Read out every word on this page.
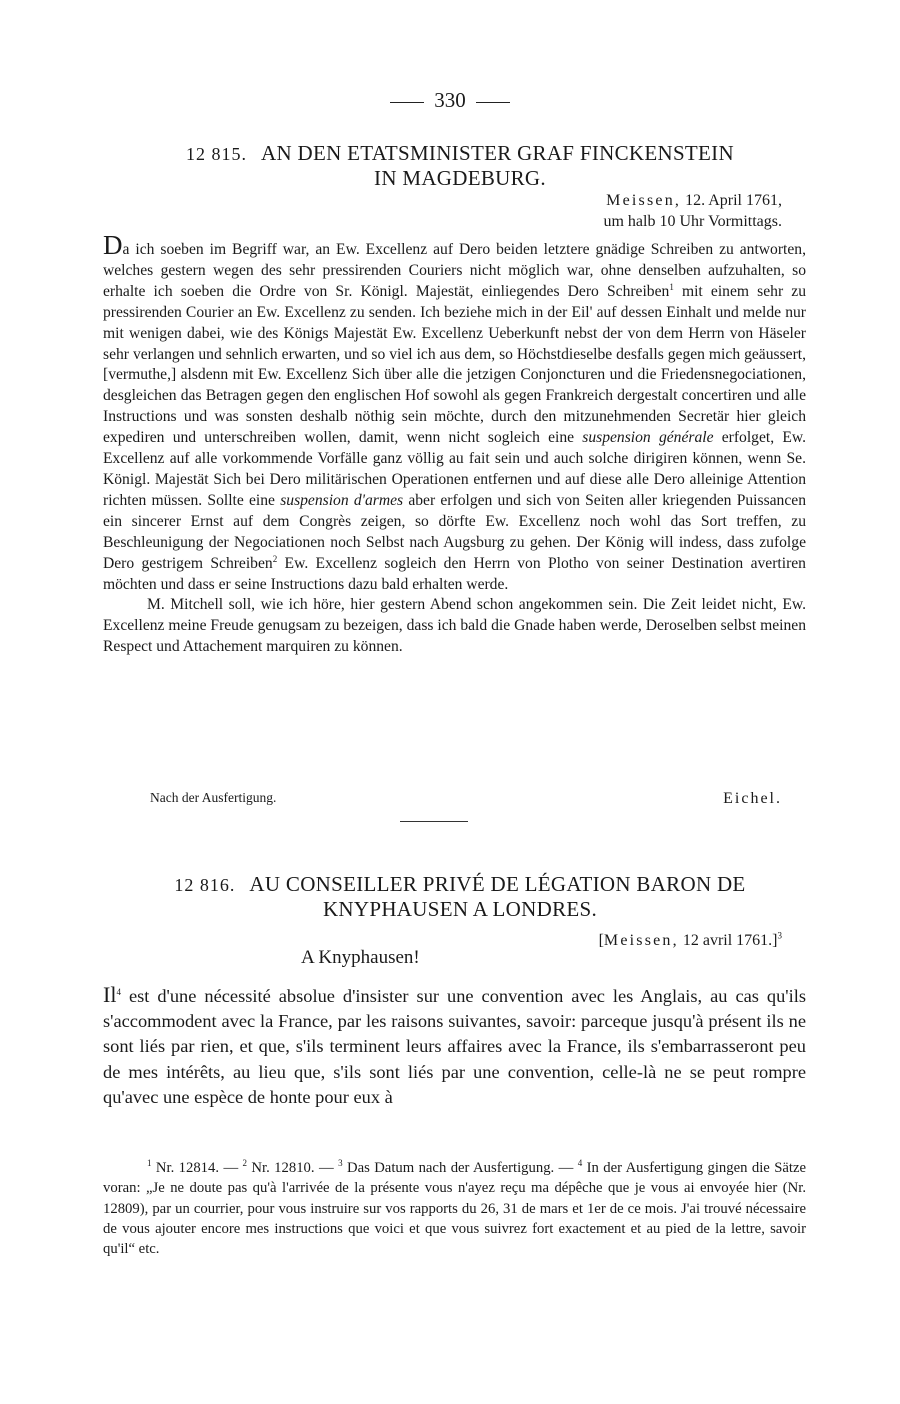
330
12 815. AN DEN ETATSMINISTER GRAF FINCKENSTEIN
IN MAGDEBURG.
Meissen, 12. April 1761,
um halb 10 Uhr Vormittags.

Da ich soeben im Begriff war, an Ew. Excellenz auf Dero beiden letztere gnädige Schreiben zu antworten, welches gestern wegen des sehr pressirenden Couriers nicht möglich war, ohne denselben aufzuhalten, so erhalte ich soeben die Ordre von Sr. Königl. Majestät, einliegendes Dero Schreiben$^1$ mit einem sehr zu pressirenden Courier an Ew. Excellenz zu senden. Ich beziehe mich in der Eil' auf dessen Einhalt und melde nur mit wenigen dabei, wie des Königs Majestät Ew. Excellenz Ueberkunft nebst der von dem Herrn von Häseler sehr verlangen und sehnlich erwarten, und so viel ich aus dem, so Höchstdieselbe desfalls gegen mich geäussert, [vermuthe,] alsdenn mit Ew. Excellenz Sich über alle die jetzigen Conjoncturen und die Friedensnegociationen, desgleichen das Betragen gegen den englischen Hof sowohl als gegen Frankreich dergestalt concertiren und alle Instructions und was sonsten deshalb nöthig sein möchte, durch den mitzunehmenden Secretär hier gleich expediren und unterschreiben wollen, damit, wenn nicht sogleich eine suspension générale erfolget, Ew. Excellenz auf alle vorkommende Vorfälle ganz völlig au fait sein und auch solche dirigiren können, wenn Se. Königl. Majestät Sich bei Dero militärischen Operationen entfernen und auf diese alle Dero alleinige Attention richten müssen. Sollte eine suspension d'armes aber erfolgen und sich von Seiten aller kriegenden Puissancen ein sincerer Ernst auf dem Congrès zeigen, so dörfte Ew. Excellenz noch wohl das Sort treffen, zu Beschleunigung der Negociationen noch Selbst nach Augsburg zu gehen. Der König will indess, dass zufolge Dero gestrigem Schreiben$^2$ Ew. Excellenz sogleich den Herrn von Plotho von seiner Destination avertiren möchten und dass er seine Instructions dazu bald erhalten werde.

M. Mitchell soll, wie ich höre, hier gestern Abend schon angekommen sein. Die Zeit leidet nicht, Ew. Excellenz meine Freude genugsam zu bezeigen, dass ich bald die Gnade haben werde, Deroselben selbst meinen Respect und Attachement marquiren zu können.

Nach der Ausfertigung.	Eichel.
12 816. AU CONSEILLER PRIVÉ DE LÉGATION BARON DE
KNYPHAUSEN A LONDRES.
[Meissen, 12 avril 1761.]$^3$
A Knyphausen!

Il$^4$ est d'une nécessité absolue d'insister sur une convention avec les Anglais, au cas qu'ils s'accommodent avec la France, par les raisons suivantes, savoir: parceque jusqu'à présent ils ne sont liés par rien, et que, s'ils terminent leurs affaires avec la France, ils s'embarrasseront peu de mes intérêts, au lieu que, s'ils sont liés par une convention, celle-là ne se peut rompre qu'avec une espèce de honte pour eux à

$^1$ Nr. 12814. — $^2$ Nr. 12810. — $^3$ Das Datum nach der Ausfertigung. — $^4$ In der Ausfertigung gingen die Sätze voran: „Je ne doute pas qu'à l'arrivée de la présente vous n'ayez reçu ma dépêche que je vous ai envoyée hier (Nr. 12809), par un courrier, pour vous instruire sur vos rapports du 26, 31 de mars et 1er de ce mois. J'ai trouvé nécessaire de vous ajouter encore mes instructions que voici et que vous suivrez fort exactement et au pied de la lettre, savoir qu'il“ etc.
